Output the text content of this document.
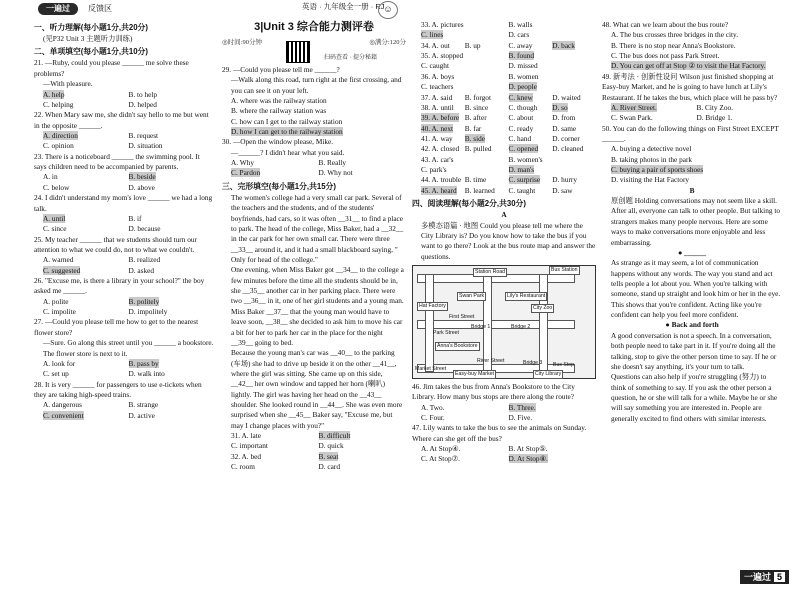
一遍过	反馈区	英语 · 九年级全一册 · RJ
☺
一、听力理解(每小题1分,共20分)

(见P32 Unit 3 主题听力训练)

二、单项填空(每小题1分,共10分)

21. —Ruby, could you please ______ me solve these problems?

—With pleasure.

A. help	B. to help
C. helping	D. helped

22. When Mary saw me, she didn't say hello to me but went in the opposite ______.

A. direction	B. request
C. opinion	D. situation

23. There is a noticeboard ______ the swimming pool. It says children need to be accompanied by parents.

A. in	B. beside
C. below	D. above

24. I didn't understand my mom's love ______ we had a long talk.

A. until	B. if
C. since	D. because

25. My teacher ______ that we students should turn our attention to what we could do, not to what we couldn't.

A. warned	B. realized
C. suggested	D. asked

26. "Excuse me, is there a library in your school?" the boy asked me ______.

A. polite	B. politely
C. impolite	D. impolitely

27. —Could you please tell me how to get to the nearest flower store?

—Sure. Go along this street until you ______ a bookstore. The flower store is next to it.

A. look for	B. pass by
C. set up	D. walk into

28. It is very ______ for passengers to use e-tickets when they are taking high-speed trains.

A. dangerous	B. strange
C. convenient	D. active
3|Unit 3 综合能力测评卷
◎时间:90分钟	◎满分:120分

29. —Could you please tell me ______?

—Walk along this road, turn right at the first crossing, and you can see it on your left.

A. where was the railway station

B. where the railway station was

C. how can I get to the railway station

D. how I can get to the railway station

30. —Open the window please, Mike.

—______? I didn't hear what you said.

A. Why	B. Really
C. Pardon	D. Why not
三、完形填空(每小题1分,共15分)

The women's college had a very small car park. Several of the teachers and the students, and of the students' boyfriends, had cars, so it was often __31__ to find a place to park. The head of the college, Miss Baker, had a __32__ in the car park for her own small car. There were three __33__ around it, and it had a small blackboard saying, " Only for head of the college."

One evening, when Miss Baker got __34__ to the college a few minutes before the time all the students should be in, she __35__ another car in her parking place. There were two __36__ in it, one of her girl students and a young man. Miss Baker __37__ that the young man would have to leave soon, __38__ she decided to ask him to move his car a bit for her to park her car in the place for the night __39__ going to bed.

Because the young man's car was __40__ to the parking (车场) she had to drive up beside it on the other __41__, where the girl was sitting. She came up on this side, __42__ her own window and tapped her horn (喇叭) lightly. The girl was having her head on the __43__ shoulder. She looked round in __44__. She was even more surprised when she __45__ Baker say, "Excuse me, but may I change places with you?"

31. A. late	B. difficult
C. important	D. quick
32. A. bed	B. seat
C. room	D. card
扫码查看 · 提分秘籍
33. A. pictures	B. walls
C. lines	D. cars
34. A. out	B. up	C. away	D. back
35. A. stopped	B. found
C. caught	D. missed
36. A. boys	B. women
C. teachers	D. people
37. A. said	B. forgot	C. knew	D. waited
38. A. until	B. since	C. though	D. so
39. A. before B. after	C. about	D. from
40. A. next	B. far	C. ready	D. same
41. A. way	B. side	C. hand	D. corner
42. A. closed B. pulled	C. opened	D. cleaned
43. A. car's	B. women's
C. park's	D. man's
44. A. trouble B. time	C. surprise	D. hurry
45. A. heard	B. learned	C. taught	D. saw
四、阅读理解(每小题2分,共30分)

A

多模态语篇 · 地图 Could you please tell me where the City Library is? Do you know how to take the bus if you want to go there? Look at the bus route map and answer the questions.

Station Road	Bus Station
City Zoo
Hat Factory
Swan Park	Lily's Restaurant
Park Street
Anna's Bookstore
River Street
First Street
Market Street
Easy-buy Market	City Library
Bridge 1	Bridge 2
Bridge 3 Bus Stop

46. Jim takes the bus from Anna's Bookstore to the City Library. How many bus stops are there along the route?

A. Two.	B. Three.
C. Four.	D. Five.

47. Lily wants to take the bus to see the animals on Sunday. Where can she get off the bus?

A. At Stop④.	B. At Stop⑤.
C. At Stop⑦.	D. At Stop⑧.

48. What can we learn about the bus route?

A. The bus crosses three bridges in the city.

B. There is no stop near Anna's Bookstore.

C. The bus does not pass Park Street.

D. You can get off at Stop ② to visit the Hat Factory.

49. 新考法 · 创新性设问 Wilson just finished shopping at Easy-buy Market, and he is going to have lunch at Lily's Restaurant. If he takes the bus, which place will he pass by?

A. River Street.	B. City Zoo.
C. Swan Park.	D. Bridge 1.

50. You can do the following things on First Street EXCEPT ______.

A. buying a detective novel

B. taking photos in the park

C. buying a pair of sports shoes

D. visiting the Hat Factory

B

原创题 Holding conversations may not seem like a skill. After all, everyone can talk to other people. But talking to strangers makes many people nervous. Here are some ways to make conversations more enjoyable and less embarrassing.

● ______

As strange as it may seem, a lot of communication happens without any words. The way you stand and act tells people a lot about you. When you're talking with someone, stand up straight and look him or her in the eye. This shows that you're confident. Acting like you're confident can help you feel more confident.

● Back and forth

A good conversation is not a speech. In a conversation, both people need to take part in it. If you're doing all the talking, stop to give the other person time to say. If he or she doesn't say anything, it's your turn to talk.

Questions can also help if you're struggling (努力) to think of something to say. If you ask the other person a question, he or she will talk for a while. Maybe he or she will say something you are interested in. People are generally excited to find others with similar interests.

一遍过 5
